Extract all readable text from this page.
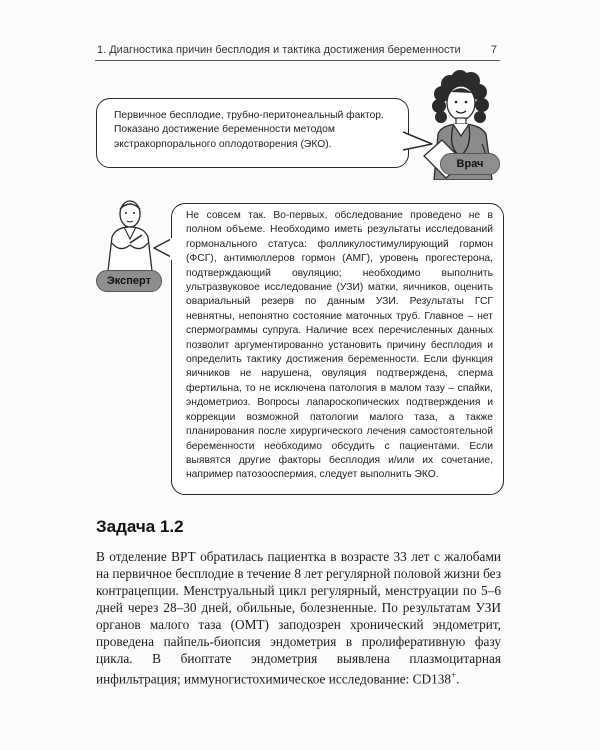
1. Диагностика причин бесплодия и тактика достижения беременности	7

Первичное бесплодие, трубно-перитонеальный фактор. Показано достижение беременности методом экстракорпорального оплодотворения (ЭКО).

Врач
Эксперт

Не совсем так. Во-первых, обследование проведено не в полном объеме. Необходимо иметь результаты исследований гормонального статуса: фолликулостимулирующий гормон (ФСГ), антимюллеров гормон (АМГ), уровень прогестерона, подтверждающий овуляцию; необходимо выполнить ультразвуковое исследование (УЗИ) матки, яичников, оценить овариальный резерв по данным УЗИ. Результаты ГСГ невнятны, непонятно состояние маточных труб. Главное – нет спермограммы супруга. Наличие всех перечисленных данных позволит аргументированно установить причину бесплодия и определить тактику достижения беременности. Если функция яичников не нарушена, овуляция подтверждена, сперма фертильна, то не исключена патология в малом тазу – спайки, эндометриоз. Вопросы лапароскопических подтверждения и коррекции возможной патологии малого таза, а также планирования после хирургического лечения самостоятельной беременности необходимо обсудить с пациентами. Если выявятся другие факторы бесплодия и/или их сочетание, например патозооспермия, следует выполнить ЭКО.

Задача 1.2

В отделение ВРТ обратилась пациентка в возрасте 33 лет с жалобами на первичное бесплодие в течение 8 лет регулярной половой жизни без контрацепции. Менструальный цикл регулярный, менструации по 5–6 дней через 28–30 дней, обильные, болезненные. По результатам УЗИ органов малого таза (ОМТ) заподозрен хронический эндометрит, проведена пайпель-биопсия эндометрия в пролиферативную фазу цикла. В биоптате эндометрия выявлена плазмоцитарная инфильтрация; иммуногистохимическое исследование: CD138+.
